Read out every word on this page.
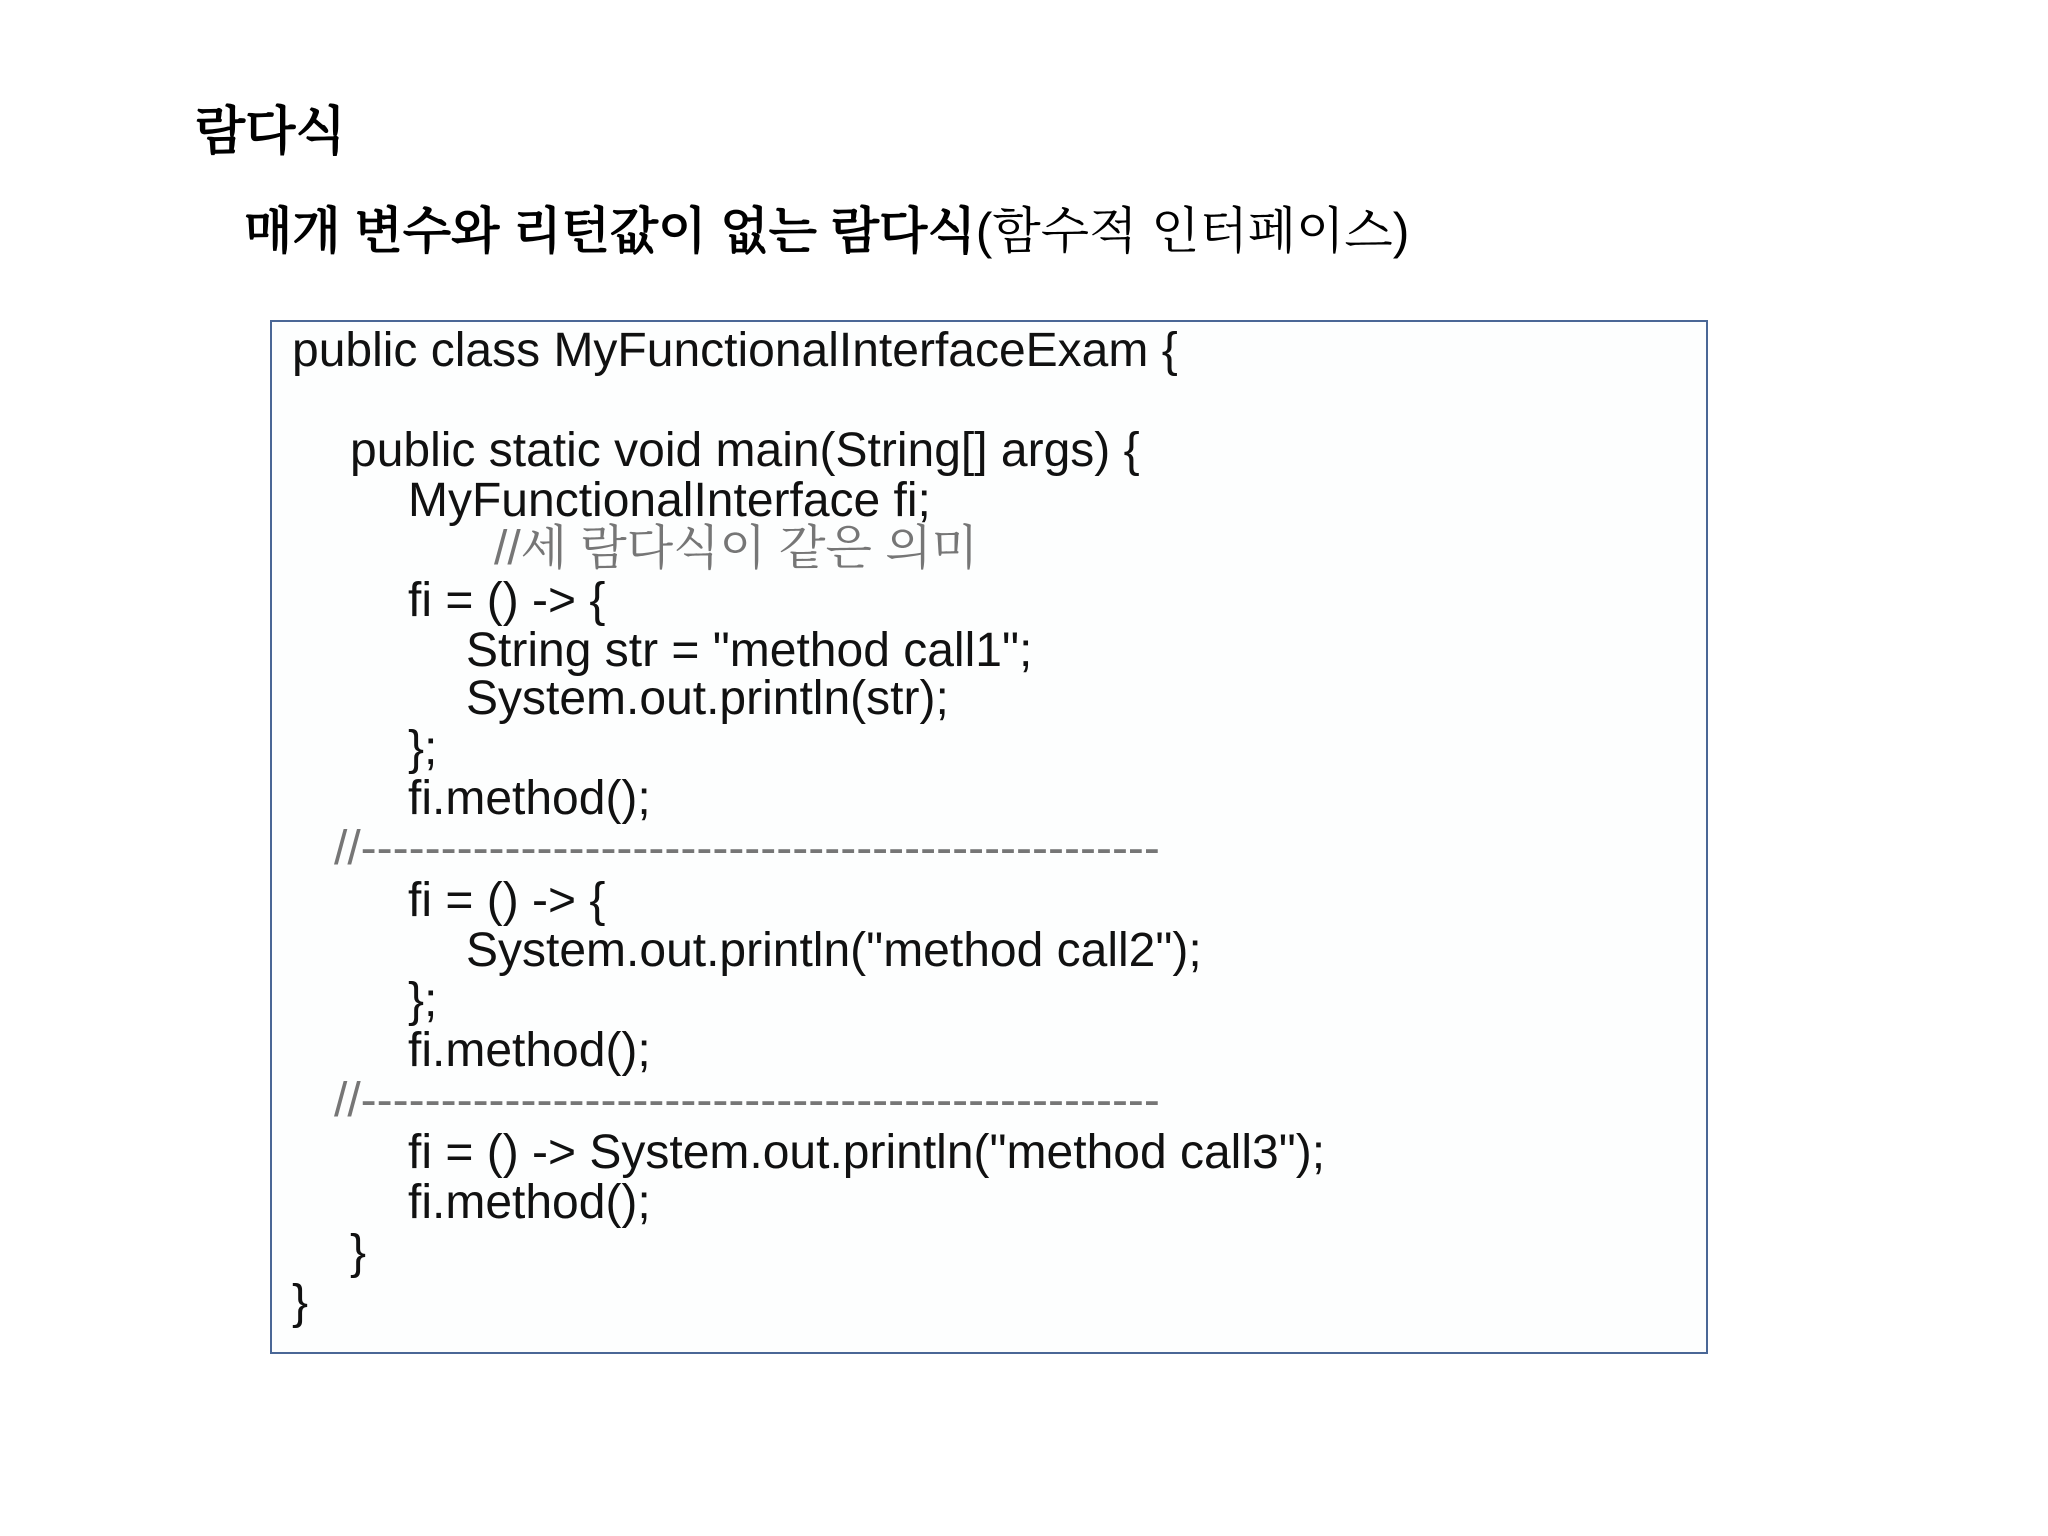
람다식
매개 변수와 리턴값이 없는 람다식(함수적 인터페이스)
public class MyFunctionalInterfaceExam {
public static void main(String[] args) {
MyFunctionalInterface fi;
//세 람다식이 같은 의미
fi = () -> {
String str = "method call1";
System.out.println(str);
};
fi.method();
//--------------------------------------------------
fi = () -> {
System.out.println("method call2");
};
fi.method();
//--------------------------------------------------
fi = () -> System.out.println("method call3");
fi.method();
}
}
